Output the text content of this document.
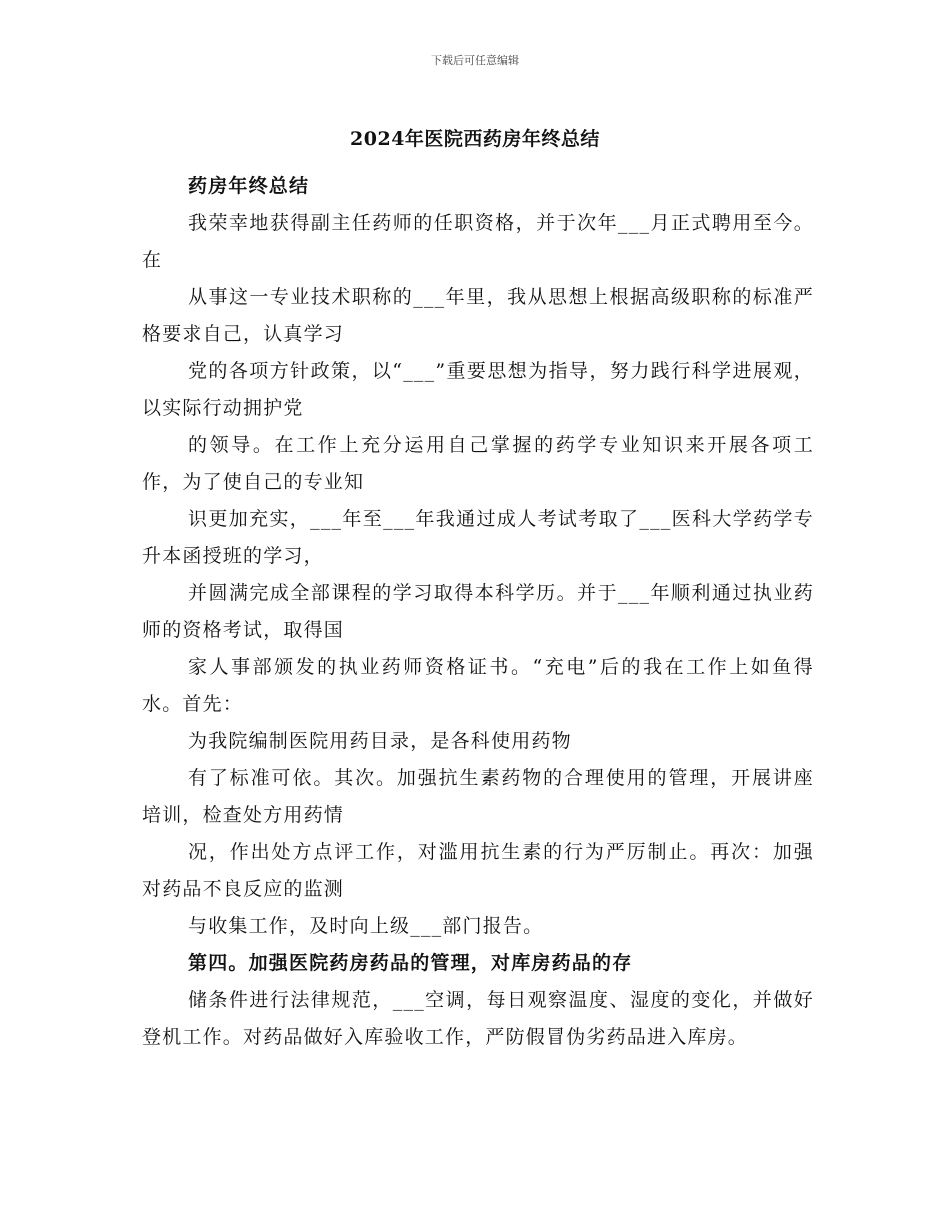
下载后可任意编辑
2024年医院西药房年终总结

药房年终总结

我荣幸地获得副主任药师的任职资格，并于次年___月正式聘用至今。在

从事这一专业技术职称的___年里，我从思想上根据高级职称的标准严格要求自己，认真学习

党的各项方针政策，以“___”重要思想为指导，努力践行科学进展观，以实际行动拥护党

的领导。在工作上充分运用自己掌握的药学专业知识来开展各项工作，为了使自己的专业知

识更加充实，___年至___年我通过成人考试考取了___医科大学药学专升本函授班的学习，

并圆满完成全部课程的学习取得本科学历。并于___年顺利通过执业药师的资格考试，取得国

家人事部颁发的执业药师资格证书。“充电”后的我在工作上如鱼得水。首先：

为我院编制医院用药目录，是各科使用药物

有了标准可依。其次。加强抗生素药物的合理使用的管理，开展讲座培训，检查处方用药情

况，作出处方点评工作，对滥用抗生素的行为严厉制止。再次：加强对药品不良反应的监测

与收集工作，及时向上级___部门报告。

第四。加强医院药房药品的管理，对库房药品的存

储条件进行法律规范，___空调，每日观察温度、湿度的变化，并做好登机工作。对药品做好入库验收工作，严防假冒伪劣药品进入库房。
